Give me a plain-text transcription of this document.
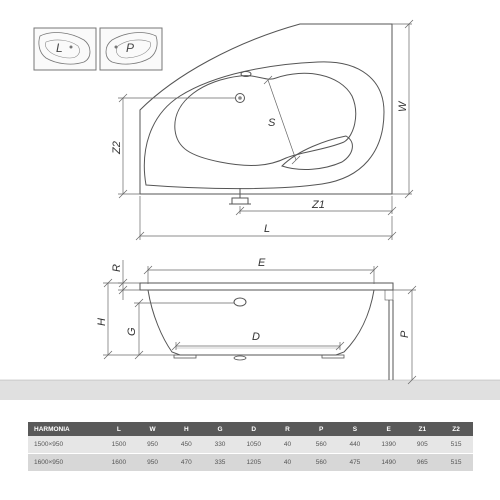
L	P
W
Z2
S
Z1
L
R	E
H
G	D	P
HARMONIA	L	W	H	G	D	R	P	S	E	Z1	Z2
1500×950	1500	950	450	330	1050	40	560	440	1390	905	515
1600×950	1600	950	470	335	1205	40	560	475	1490	965	515
